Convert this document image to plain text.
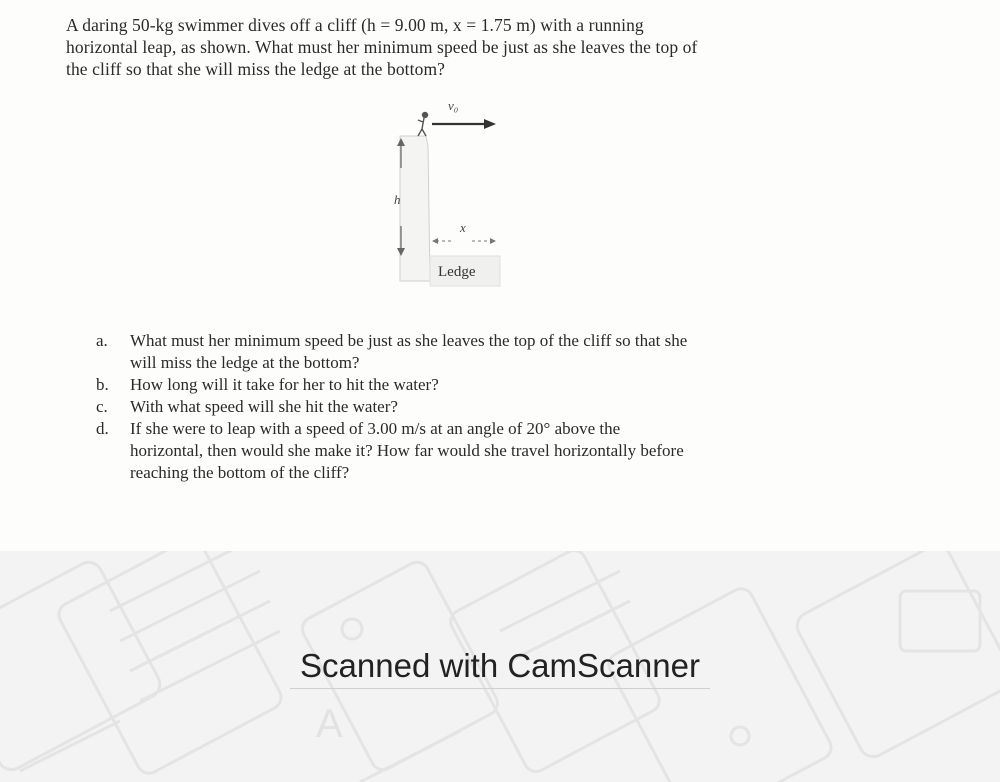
A daring 50-kg swimmer dives off a cliff (h = 9.00 m, x = 1.75 m) with a running
horizontal leap, as shown. What must her minimum speed be just as she leaves the top of
the cliff so that she will miss the ledge at the bottom?
v₀
h
x
Ledge
a. What must her minimum speed be just as she leaves the top of the cliff so that she
will miss the ledge at the bottom?
b. How long will it take for her to hit the water?
c. With what speed will she hit the water?
d. If she were to leap with a speed of 3.00 m/s at an angle of 20° above the
horizontal, then would she make it? How far would she travel horizontally before
reaching the bottom of the cliff?
A
Scanned with CamScanner
